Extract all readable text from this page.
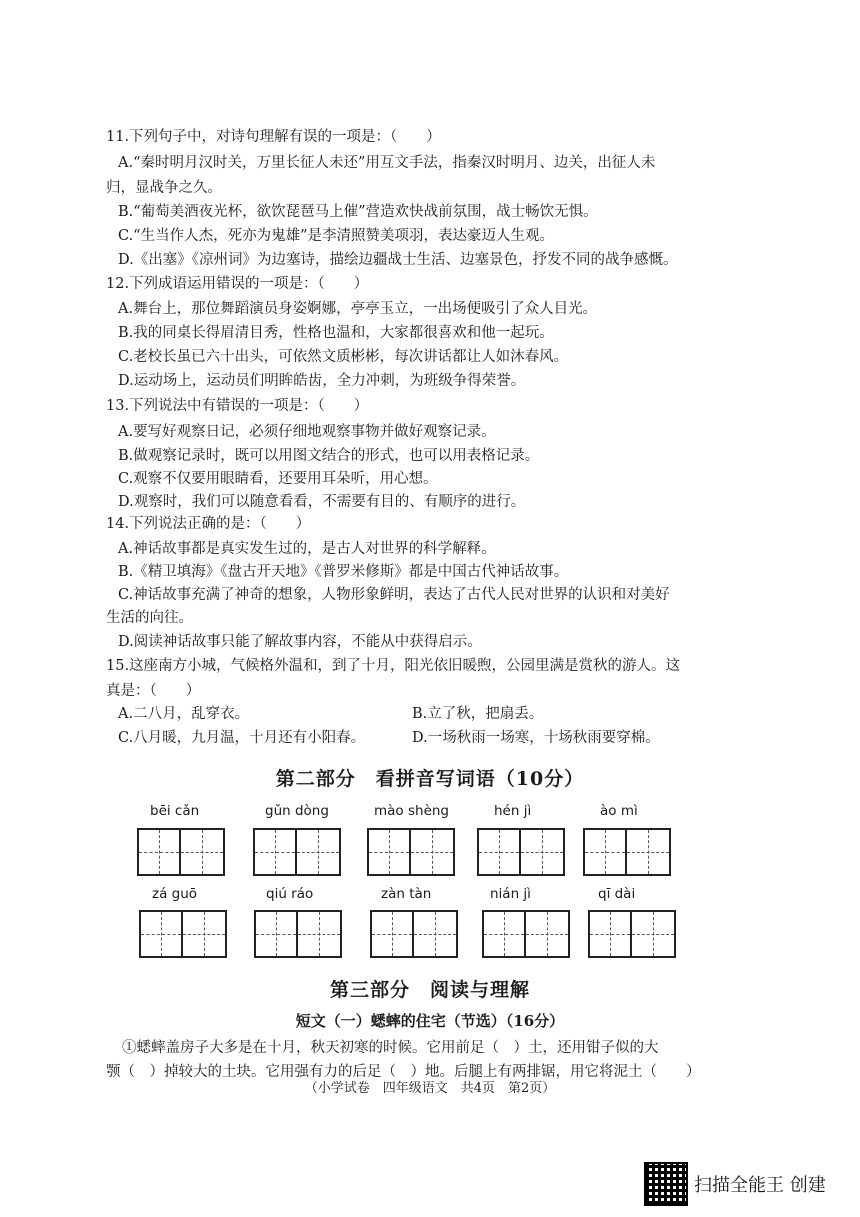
11.下列句子中，对诗句理解有误的一项是：（　　）
A.“秦时明月汉时关，万里长征人未还”用互文手法，指秦汉时明月、边关，出征人未
归，显战争之久。
B.“葡萄美酒夜光杯，欲饮琵琶马上催”营造欢快战前氛围，战士畅饮无惧。
C.“生当作人杰，死亦为鬼雄”是李清照赞美项羽，表达豪迈人生观。
D.《出塞》《凉州词》为边塞诗，描绘边疆战士生活、边塞景色，抒发不同的战争感慨。
12.下列成语运用错误的一项是：（　　）
A.舞台上，那位舞蹈演员身姿婀娜，亭亭玉立，一出场便吸引了众人目光。
B.我的同桌长得眉清目秀，性格也温和，大家都很喜欢和他一起玩。
C.老校长虽已六十出头，可依然文质彬彬，每次讲话都让人如沐春风。
D.运动场上，运动员们明眸皓齿，全力冲刺，为班级争得荣誉。
13.下列说法中有错误的一项是：（　　）
A.要写好观察日记，必须仔细地观察事物并做好观察记录。
B.做观察记录时，既可以用图文结合的形式，也可以用表格记录。
C.观察不仅要用眼睛看，还要用耳朵听，用心想。
D.观察时，我们可以随意看看，不需要有目的、有顺序的进行。
14.下列说法正确的是：（　　）
A.神话故事都是真实发生过的，是古人对世界的科学解释。
B.《精卫填海》《盘古开天地》《普罗米修斯》都是中国古代神话故事。
C.神话故事充满了神奇的想象，人物形象鲜明，表达了古代人民对世界的认识和对美好
生活的向往。
D.阅读神话故事只能了解故事内容，不能从中获得启示。
15.这座南方小城，气候格外温和，到了十月，阳光依旧暖煦，公园里满是赏秋的游人。这
真是：（　　）
A.二八月，乱穿衣。	B.立了秋，把扇丢。
C.八月暖，九月温，十月还有小阳春。	D.一场秋雨一场寒，十场秋雨要穿棉。
第二部分　看拼音写词语（10分）
bēi cǎn	gǔn dòng	mào shèng	hén jì	ào mì
zá guō	qiú ráo	zàn tàn	nián jì	qī dài
第三部分　阅读与理解
短文（一）蟋蟀的住宅（节选）（16分）
①蟋蟀盖房子大多是在十月，秋天初寒的时候。它用前足（　）土，还用钳子似的大
颚（　）掉较大的土块。它用强有力的后足（　）地。后腿上有两排锯，用它将泥土（　　）
（小学试卷　四年级语文　共4页　第2页）
扫描全能王 创建
